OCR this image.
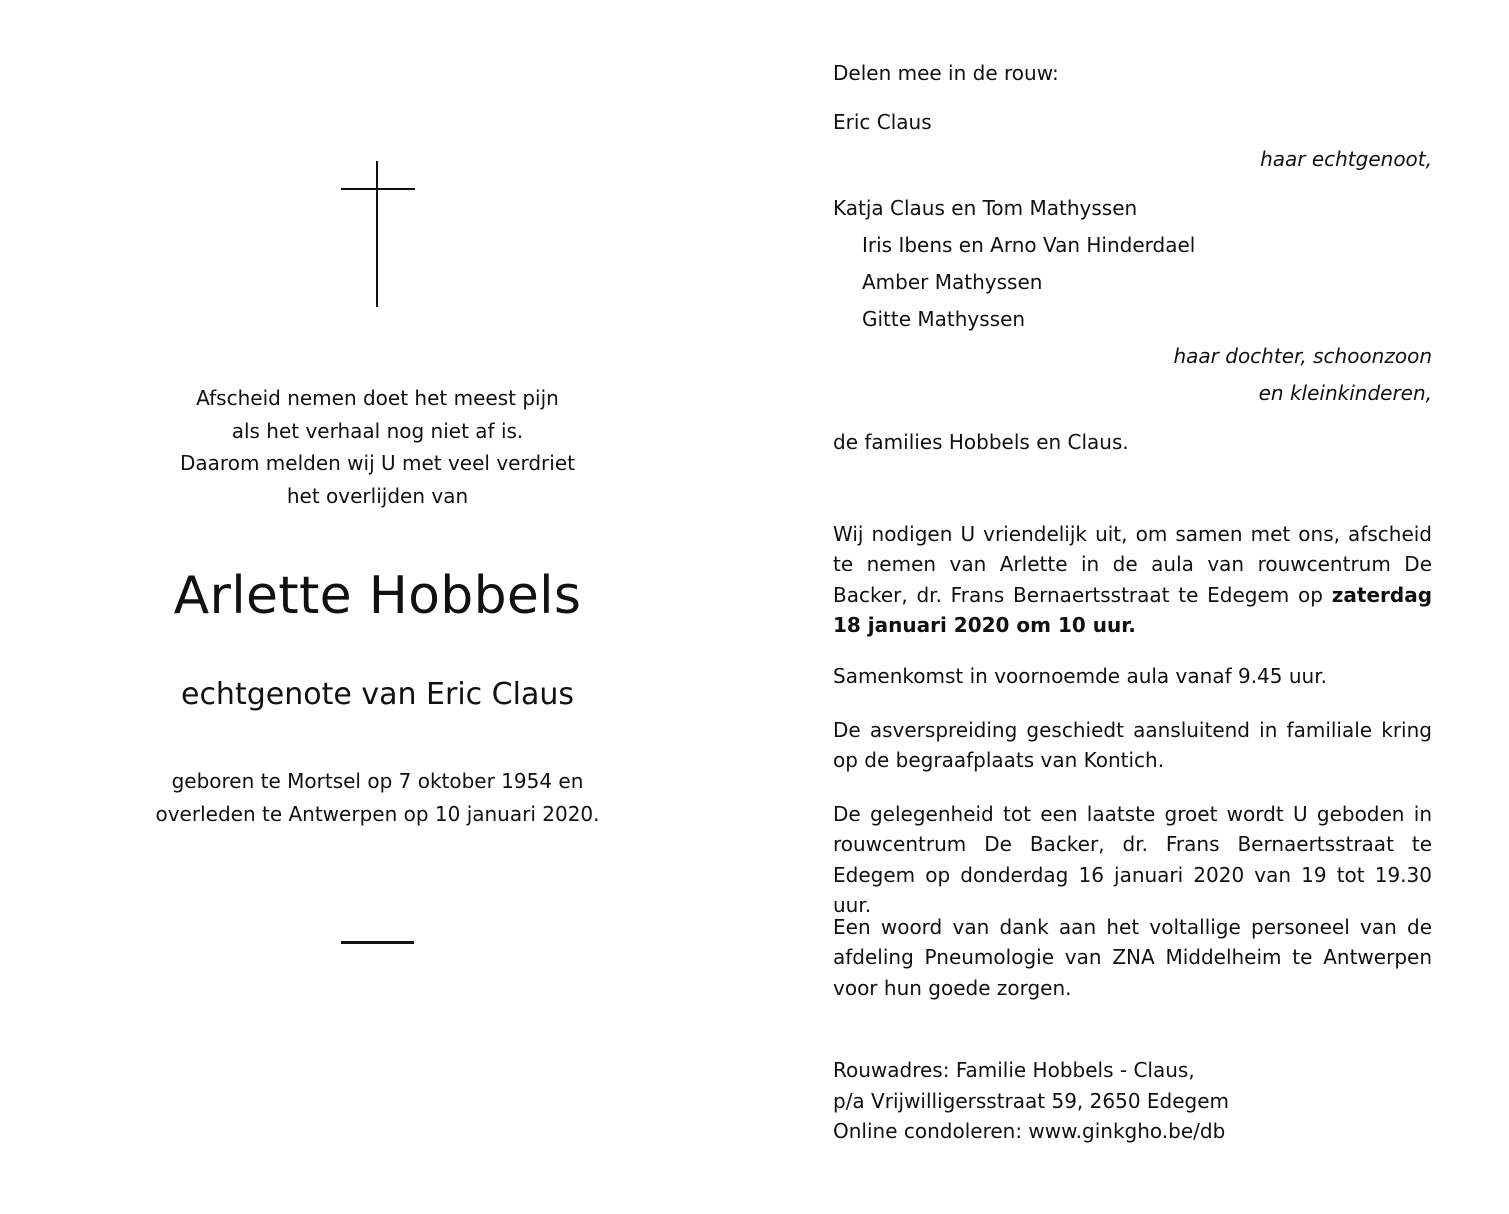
Afscheid nemen doet het meest pijn
als het verhaal nog niet af is.
Daarom melden wij U met veel verdriet
het overlijden van
Arlette Hobbels
echtgenote van Eric Claus
geboren te Mortsel op 7 oktober 1954 en
overleden te Antwerpen op 10 januari 2020.
Delen mee in de rouw:
Eric Claus
haar echtgenoot,
Katja Claus en Tom Mathyssen
Iris Ibens en Arno Van Hinderdael
Amber Mathyssen
Gitte Mathyssen
haar dochter, schoonzoon
en kleinkinderen,
de families Hobbels en Claus.
Wij nodigen U vriendelijk uit, om samen met ons, afscheid te nemen van Arlette in de aula van rouwcentrum De Backer, dr. Frans Bernaertsstraat te Edegem op zaterdag 18 januari 2020 om 10 uur.
Samenkomst in voornoemde aula vanaf 9.45 uur.
De asverspreiding geschiedt aansluitend in familiale kring op de begraafplaats van Kontich.
De gelegenheid tot een laatste groet wordt U geboden in rouwcentrum De Backer, dr. Frans Bernaertsstraat te Edegem op donderdag 16 januari 2020 van 19 tot 19.30 uur.
Een woord van dank aan het voltallige personeel van de afdeling Pneumologie van ZNA Middelheim te Antwerpen voor hun goede zorgen.
Rouwadres: Familie Hobbels - Claus,
p/a Vrijwilligersstraat 59, 2650 Edegem
Online condoleren: www.ginkgho.be/db
